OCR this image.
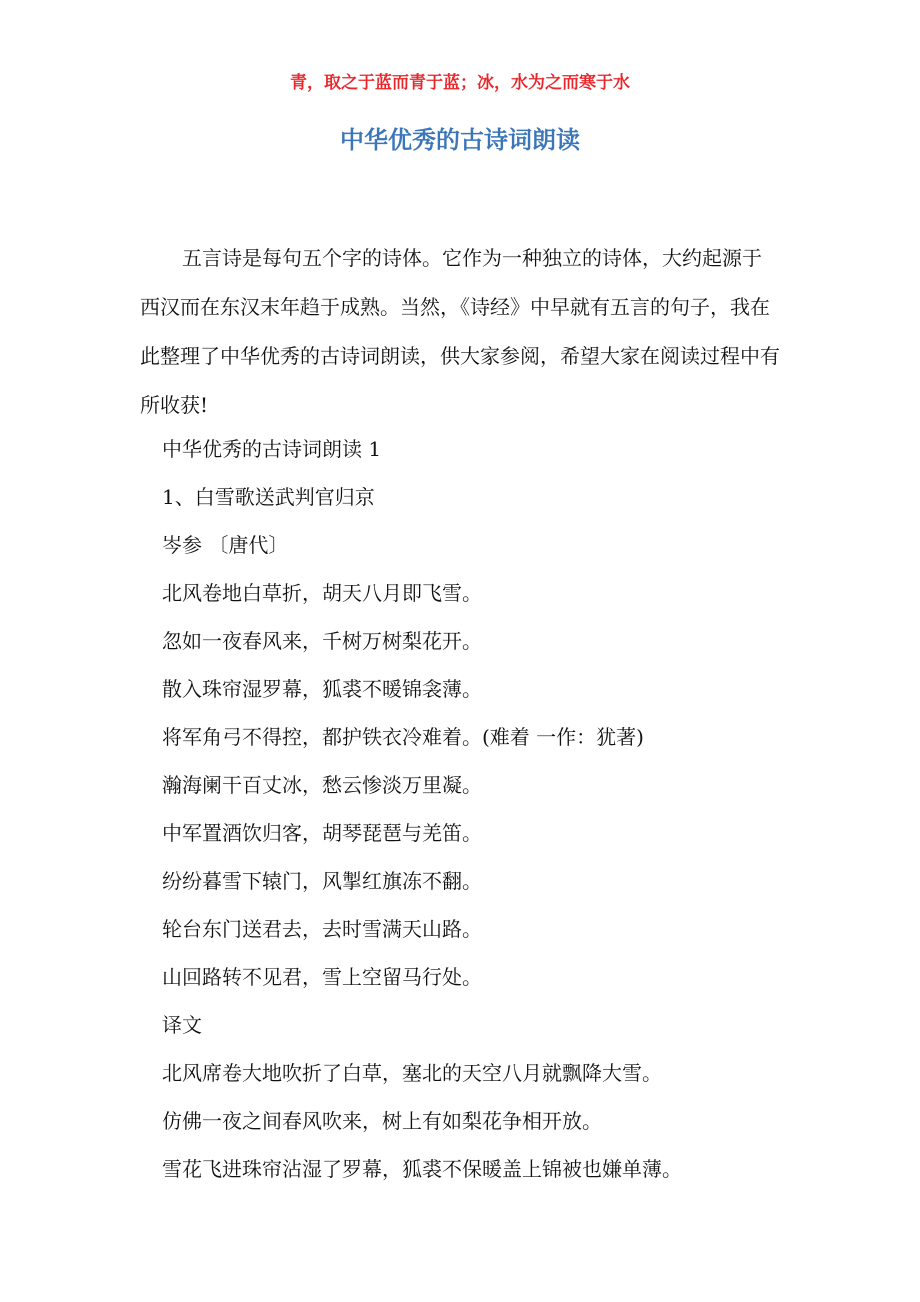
青，取之于蓝而青于蓝；冰，水为之而寒于水
中华优秀的古诗词朗读

五言诗是每句五个字的诗体。它作为一种独立的诗体，大约起源于西汉而在东汉末年趋于成熟。当然，《诗经》中早就有五言的句子，我在此整理了中华优秀的古诗词朗读，供大家参阅，希望大家在阅读过程中有所收获!

中华优秀的古诗词朗读 1
1、白雪歌送武判官归京
岑参 〔唐代〕
北风卷地白草折，胡天八月即飞雪。
忽如一夜春风来，千树万树梨花开。
散入珠帘湿罗幕，狐裘不暖锦衾薄。
将军角弓不得控，都护铁衣冷难着。(难着 一作：犹著)
瀚海阑干百丈冰，愁云惨淡万里凝。
中军置酒饮归客，胡琴琵琶与羌笛。
纷纷暮雪下辕门，风掣红旗冻不翻。
轮台东门送君去，去时雪满天山路。
山回路转不见君，雪上空留马行处。
译文
北风席卷大地吹折了白草，塞北的天空八月就飘降大雪。
仿佛一夜之间春风吹来，树上有如梨花争相开放。
雪花飞进珠帘沾湿了罗幕，狐裘不保暖盖上锦被也嫌单薄。
